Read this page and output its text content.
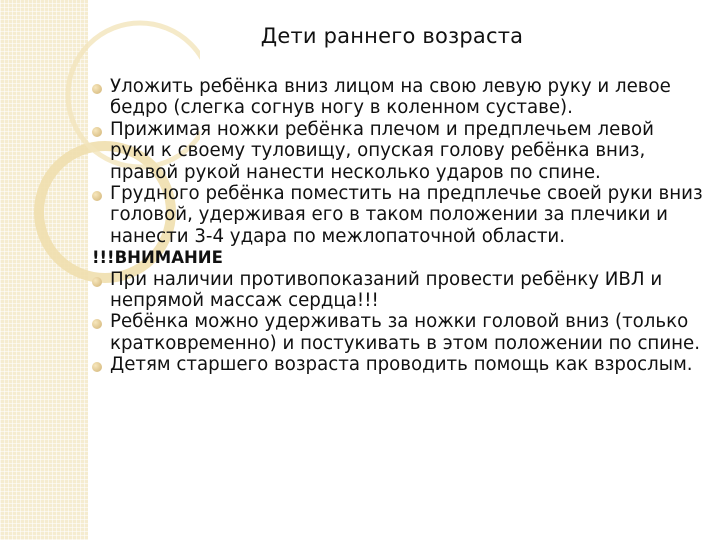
Дети раннего возраста
Уложить ребёнка вниз лицом на свою левую руку и левое бедро (слегка согнув ногу в коленном суставе).
Прижимая ножки ребёнка плечом и предплечьем левой руки к своему туловищу, опуская голову ребёнка вниз, правой рукой нанести несколько ударов по спине.
Грудного ребёнка поместить на предплечье своей руки вниз головой, удерживая его в таком положении за плечики и нанести 3-4 удара по межлопаточной области.
!!!ВНИМАНИЕ
При наличии противопоказаний провести ребёнку ИВЛ и непрямой массаж сердца!!!
Ребёнка можно удерживать за ножки головой вниз (только кратковременно) и постукивать в этом положении по спине.
Детям старшего возраста проводить помощь как взрослым.
